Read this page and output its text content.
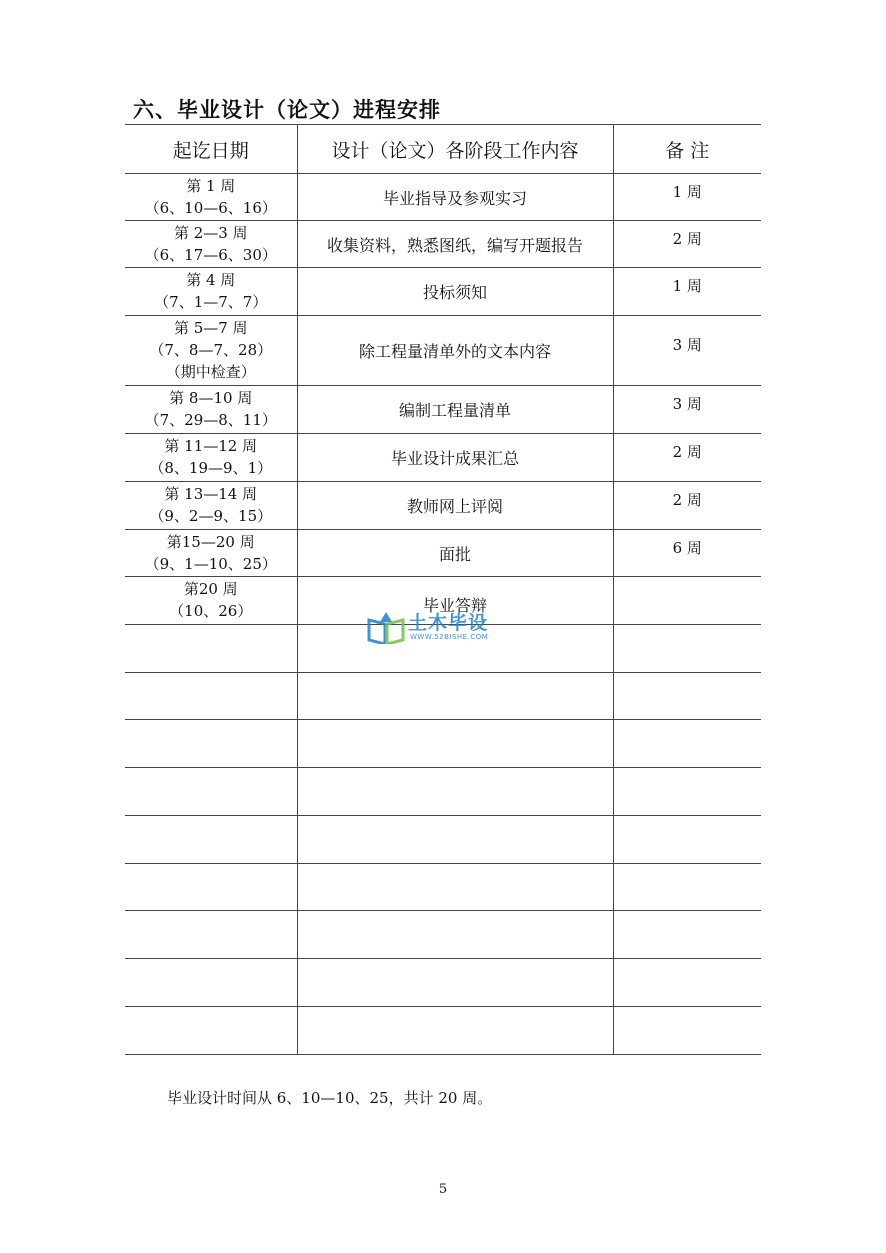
六、毕业设计（论文）进程安排
起讫日期	设计（论文）各阶段工作内容	备 注

第 1 周
（6、10—6、16）	毕业指导及参观实习	1 周

第 2—3 周
（6、17—6、30）	收集资料，熟悉图纸，编写开题报告	2 周

第 4 周
（7、1—7、7）	投标须知	1 周

第 5—7 周
（7、8—7、28）
（期中检查）	除工程量清单外的文本内容	3 周

第 8—10 周
（7、29—8、11）	编制工程量清单	3 周

第 11—12 周
（8、19—9、1）	毕业设计成果汇总	2 周

第 13—14 周
（9、2—9、15）	教师网上评阅	2 周

第15—20 周
（9、1—10、25）	面批	6 周

第20 周
（10、26）	毕业答辩	

土木毕设
WWW.52BISHE.COM
毕业设计时间从 6、10—10、25，共计 20 周。
5
